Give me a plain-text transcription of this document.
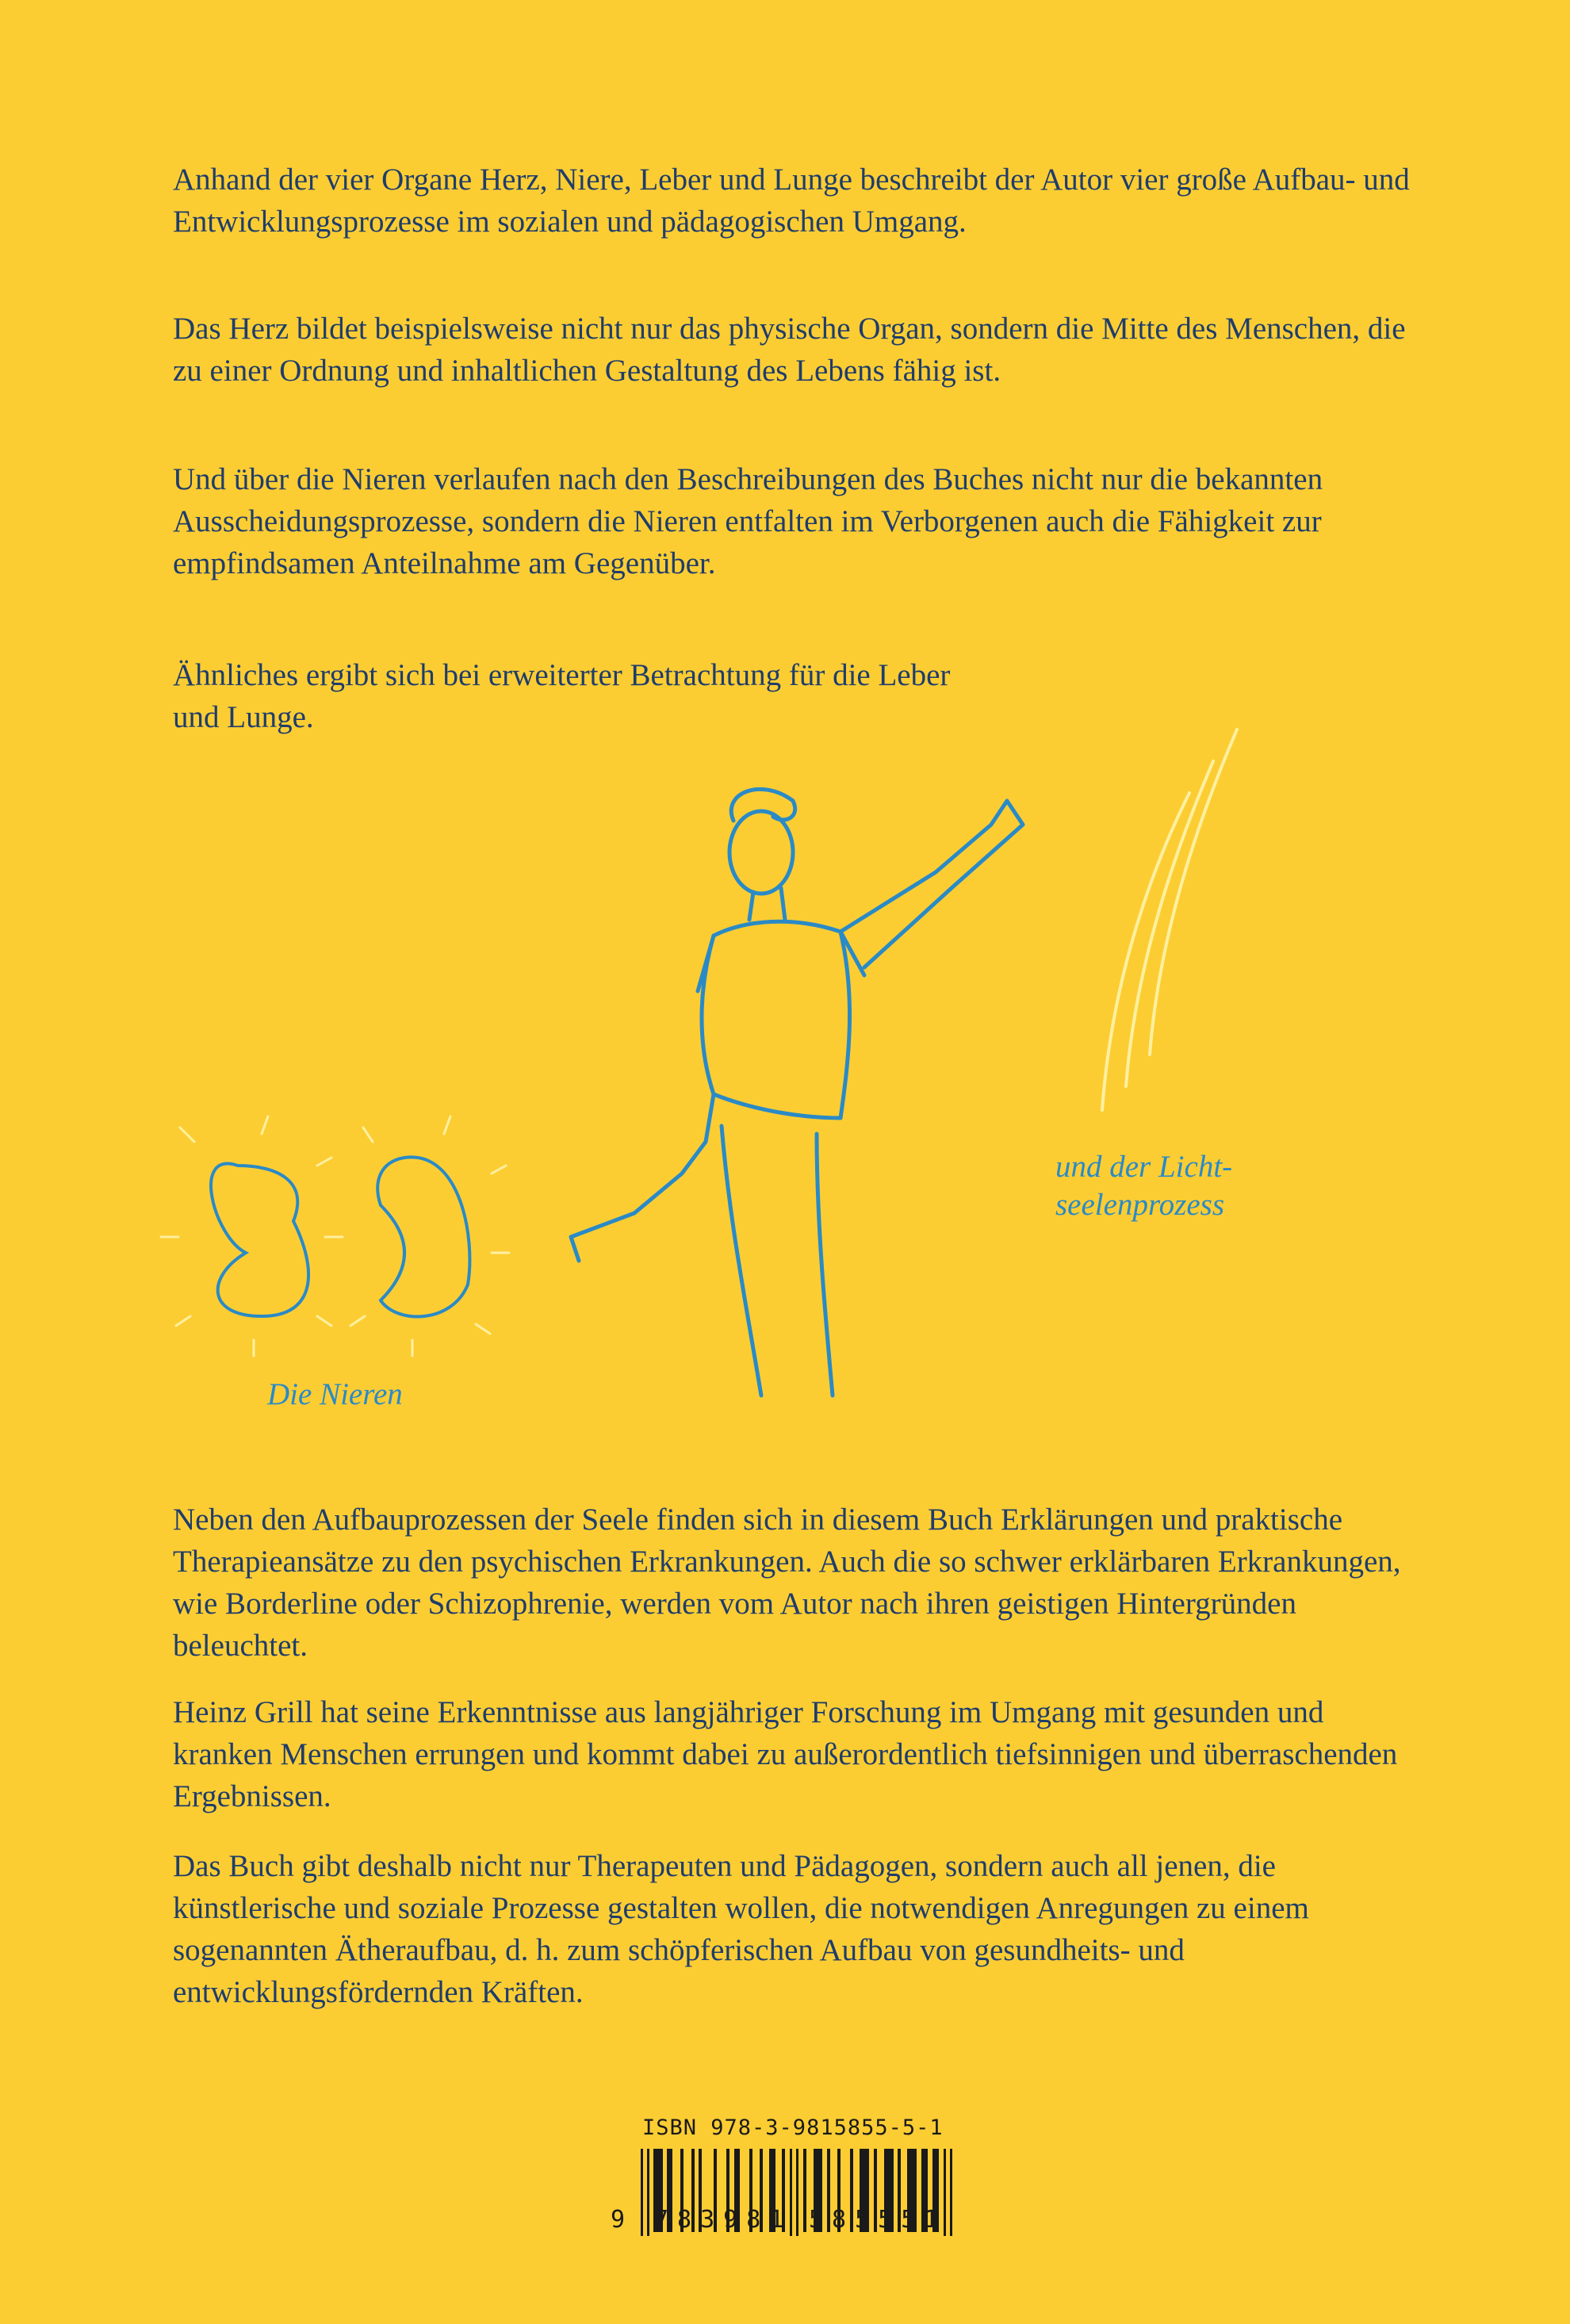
Anhand der vier Organe Herz, Niere, Leber und Lunge beschreibt der Autor vier große Aufbau- und Entwicklungsprozesse im sozialen und pädagogischen Umgang.

Das Herz bildet beispielsweise nicht nur das physische Organ, sondern die Mitte des Menschen, die zu einer Ordnung und inhaltlichen Gestaltung des Lebens fähig ist.

Und über die Nieren verlaufen nach den Beschreibungen des Buches nicht nur die bekannten Ausscheidungsprozesse, sondern die Nieren entfalten im Verborgenen auch die Fähigkeit zur empfindsamen Anteilnahme am Gegenüber.

Ähnliches ergibt sich bei erweiterter Betrachtung für die Leber und Lunge.

und der Licht-
seelenprozess
Die Nieren

Neben den Aufbauprozessen der Seele finden sich in diesem Buch Erklärungen und praktische Therapieansätze zu den psychischen Erkrankungen. Auch die so schwer erklärbaren Erkrankungen, wie Borderline oder Schizophrenie, werden vom Autor nach ihren geistigen Hintergründen beleuchtet.

Heinz Grill hat seine Erkenntnisse aus langjähriger Forschung im Umgang mit gesunden und kranken Menschen errungen und kommt dabei zu außerordentlich tiefsinnigen und überraschenden Ergebnissen.

Das Buch gibt deshalb nicht nur Therapeuten und Pädagogen, sondern auch all jenen, die künstlerische und soziale Prozesse gestalten wollen, die notwendigen Anregungen zu einem sogenannten Ätheraufbau, d. h. zum schöpferischen Aufbau von gesundheits- und entwicklungsfördernden Kräften.

ISBN 978-3-9815855-5-1
9 783981 585551
